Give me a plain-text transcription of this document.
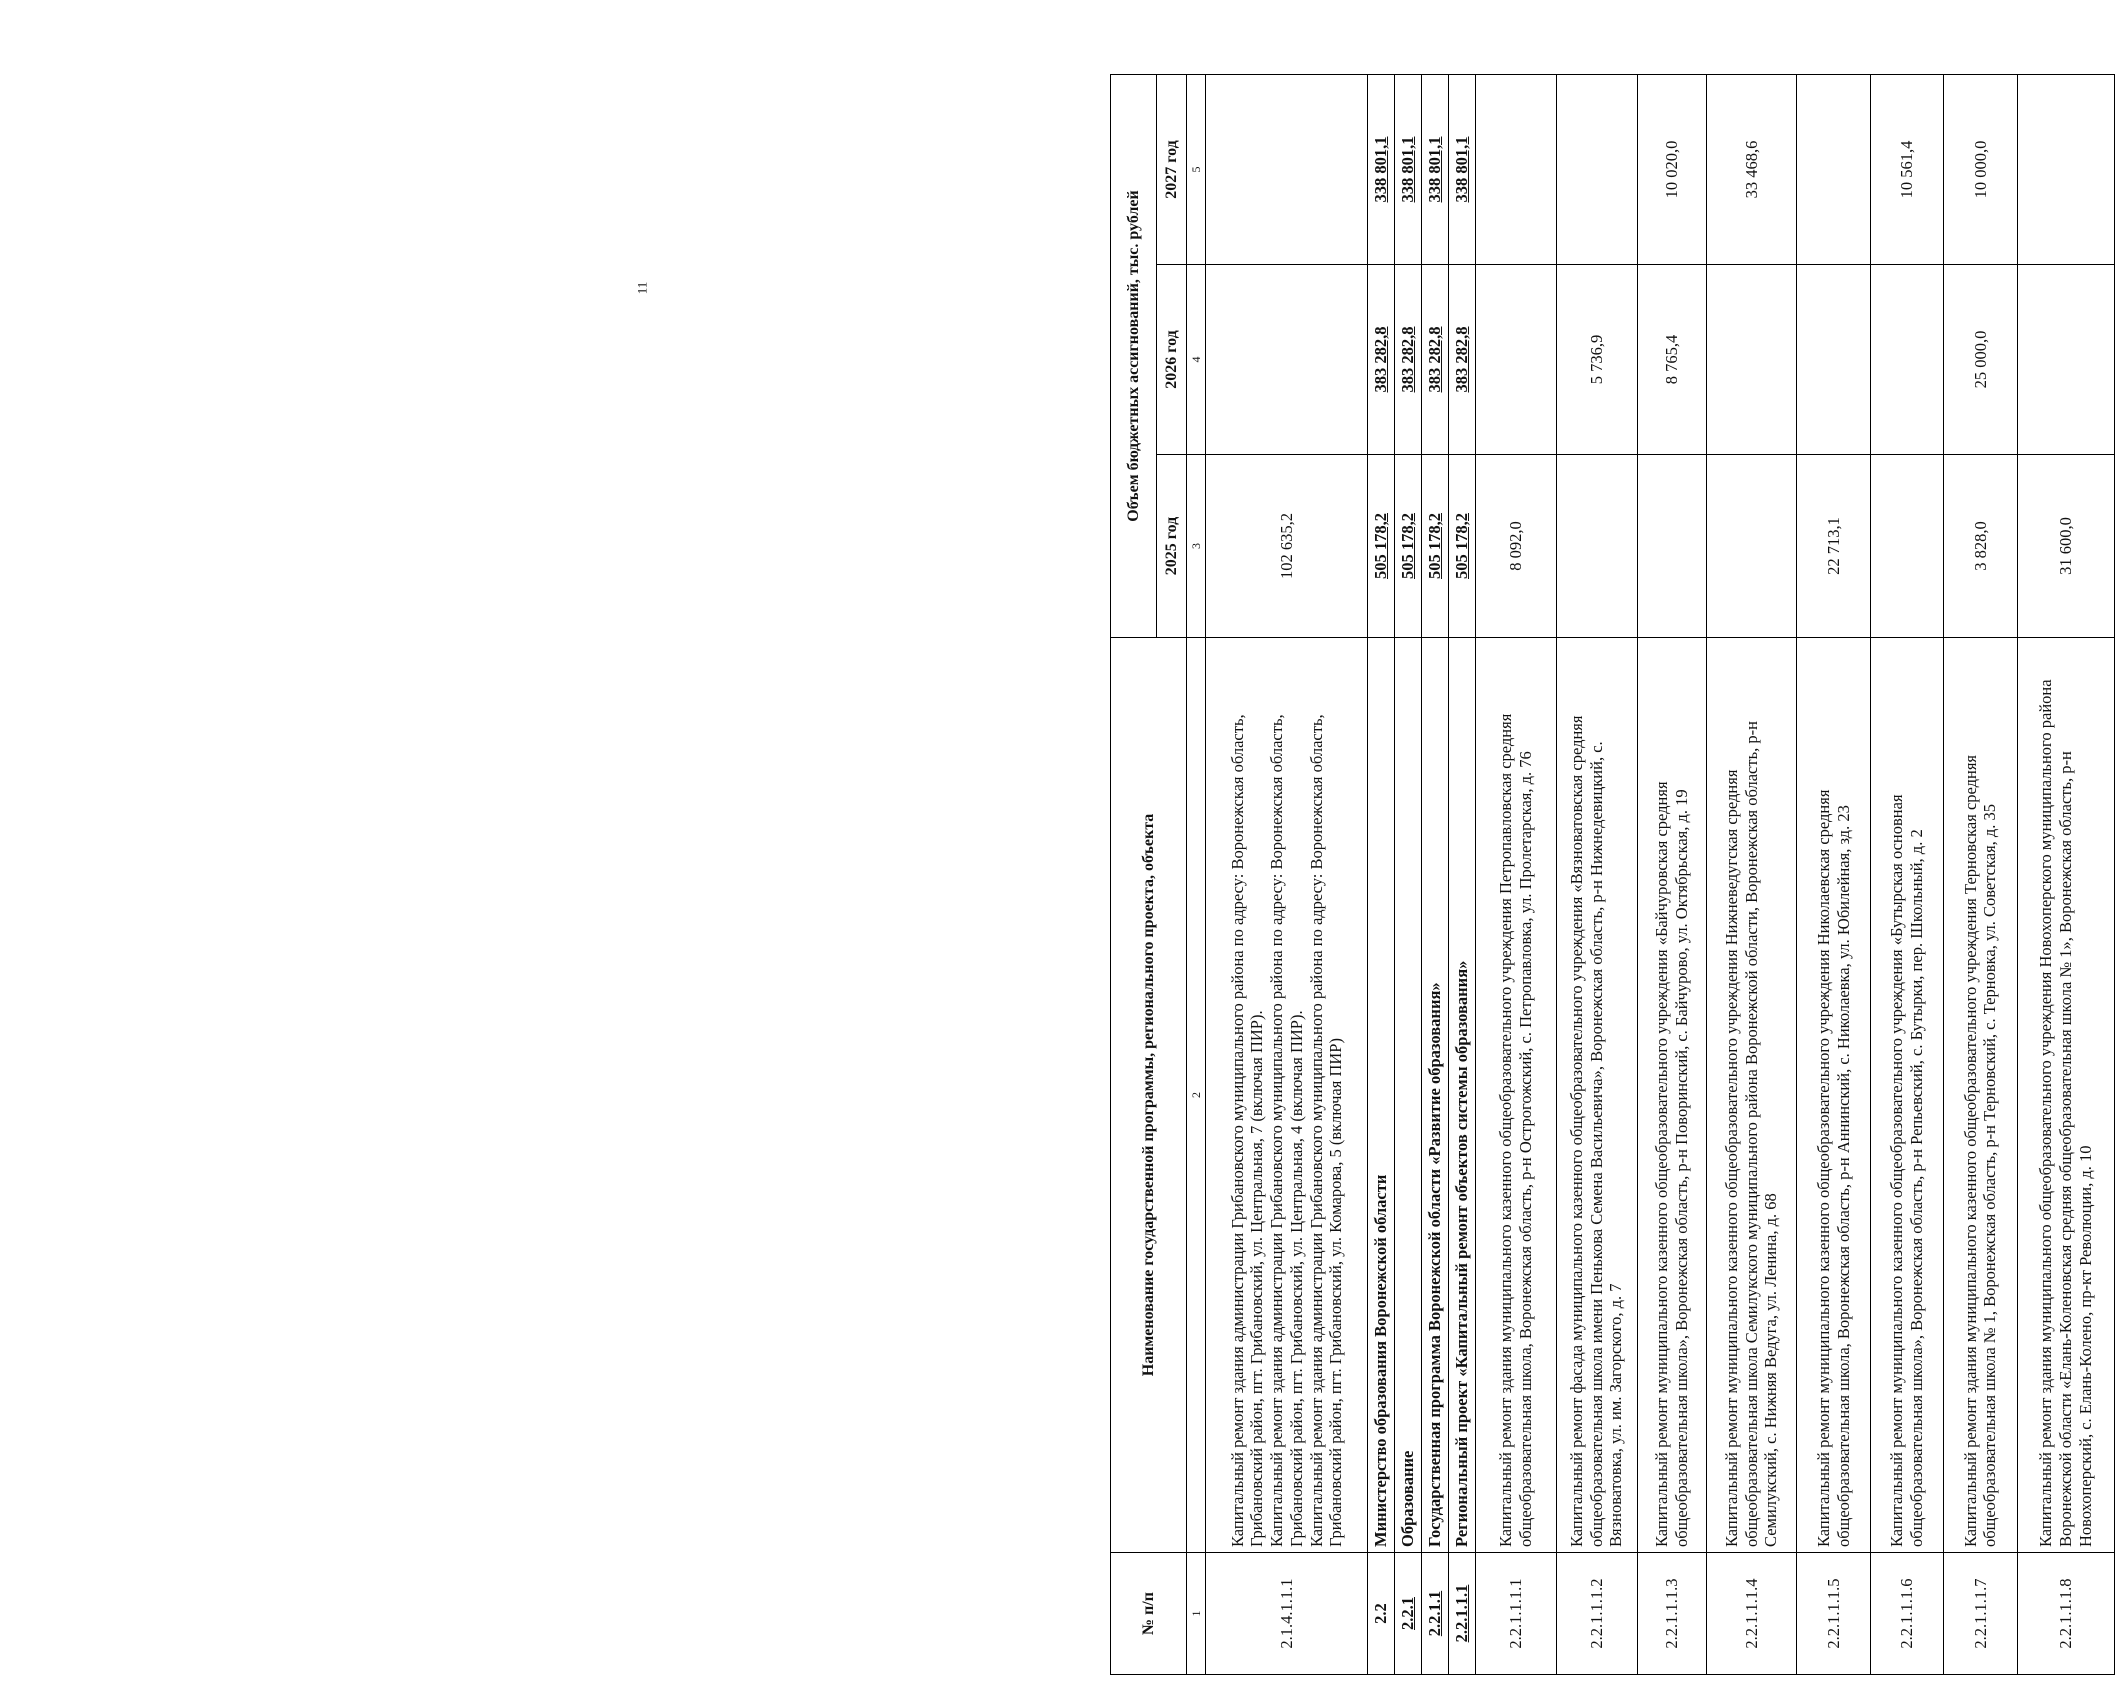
11
№ п/п	Наименование государственной программы, регионального проекта, объекта	Объем бюджетных ассигнований, тыс. рублей		
		2025 год	2026 год	2027 год
1	2	3	4	5
2.1.4.1.1.1	Капитальный ремонт здания администрации Грибановского муниципального района по адресу: Воронежская область, Грибановский район, пгт. Грибановский, ул. Центральная, 7 (включая ПИР). Капитальный ремонт здания администрации Грибановского муниципального района по адресу: Воронежская область, Грибановский район, пгт. Грибановский, ул. Центральная, 4 (включая ПИР). Капитальный ремонт здания администрации Грибановского муниципального района по адресу: Воронежская область, Грибановский район, пгт. Грибановский, ул. Комарова, 5 (включая ПИР)	102 635,2		
2.2	Министерство образования Воронежской области	505 178,2	383 282,8	338 801,1
2.2.1	Образование	505 178,2	383 282,8	338 801,1
2.2.1.1	Государственная программа Воронежской области «Развитие образования»	505 178,2	383 282,8	338 801,1
2.2.1.1.1	Региональный проект «Капитальный ремонт объектов системы образования»	505 178,2	383 282,8	338 801,1
2.2.1.1.1.1	Капитальный ремонт здания муниципального казенного общеобразовательного учреждения Петропавловская средняя общеобразовательная школа, Воронежская область, р-н Острогожский, с. Петропавловка, ул. Пролетарская, д. 76	8 092,0		
2.2.1.1.1.2	Капитальный ремонт фасада муниципального казенного общеобразовательного учреждения «Вязноватовская средняя общеобразовательная школа имени Пенькова Семена Васильевича», Воронежская область, р-н Нижнедевицкий, с. Вязноватовка, ул. им. Загорского, д. 7		5 736,9	
2.2.1.1.1.3	Капитальный ремонт муниципального казенного общеобразовательного учреждения «Байчуровская средняя общеобразовательная школа», Воронежская область, р-н Поворинский, с. Байчурово, ул. Октябрьская, д. 19		8 765,4	10 020,0
2.2.1.1.1.4	Капитальный ремонт муниципального казенного общеобразовательного учреждения Нижневедугская средняя общеобразовательная школа Семилукского муниципального района Воронежской области, Воронежская область, р-н Семилукский, с. Нижняя Ведуга, ул. Ленина, д. 68			33 468,6
2.2.1.1.1.5	Капитальный ремонт муниципального казенного общеобразовательного учреждения Николаевская средняя общеобразовательная школа, Воронежская область, р-н Аннинский, с. Николаевка, ул. Юбилейная, зд. 23	22 713,1		
2.2.1.1.1.6	Капитальный ремонт муниципального казенного общеобразовательного учреждения «Бутырская основная общеобразовательная школа», Воронежская область, р-н Репьевский, с. Бутырки, пер. Школьный, д. 2			10 561,4
2.2.1.1.1.7	Капитальный ремонт здания муниципального казенного общеобразовательного учреждения Терновская средняя общеобразовательная школа № 1, Воронежская область, р-н Терновский, с. Терновка, ул. Советская, д. 35	3 828,0	25 000,0	10 000,0
2.2.1.1.1.8	Капитальный ремонт здания муниципального общеобразовательного учреждения Новохоперского муниципального района Воронежской области «Елань-Коленовская средняя общеобразовательная школа № 1», Воронежская область, р-н Новохоперский, с. Елань-Колено, пр-кт Революции, д. 10	31 600,0		
